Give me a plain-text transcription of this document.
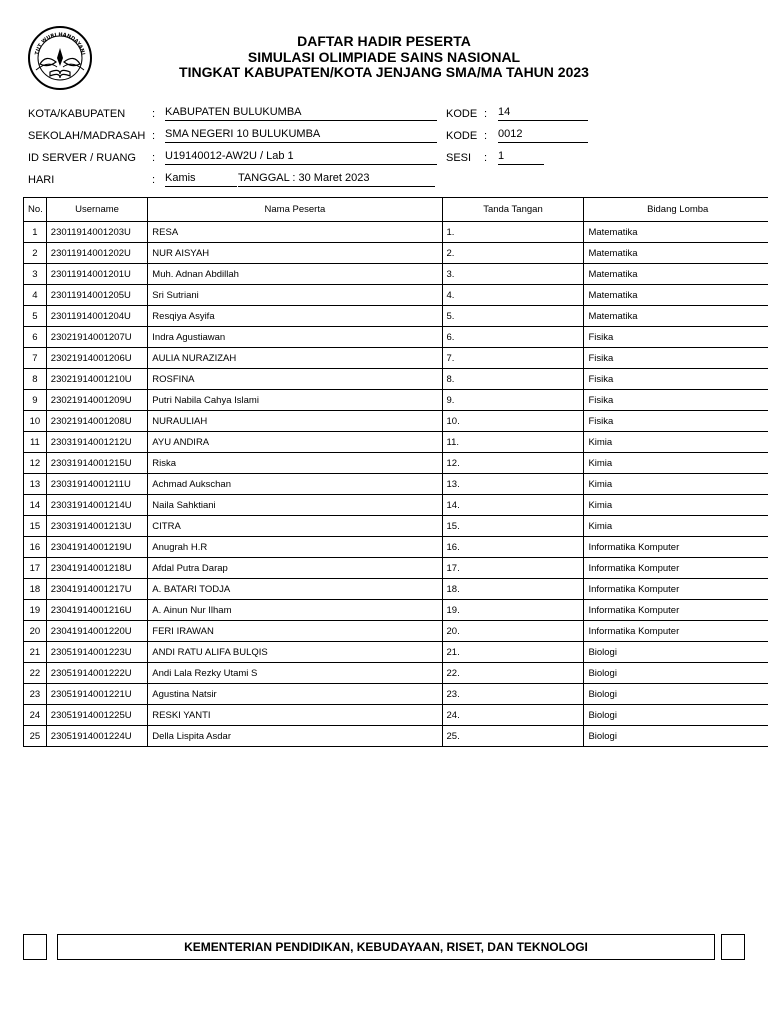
TUT WURI HANDAYANI
DAFTAR HADIR PESERTA
SIMULASI OLIMPIADE SAINS NASIONAL
TINGKAT KABUPATEN/KOTA JENJANG SMA/MA TAHUN 2023
KOTA/KABUPATEN : KABUPATEN BULUKUMBA	KODE : 14
SEKOLAH/MADRASAH : SMA NEGERI 10 BULUKUMBA	KODE : 0012
ID SERVER / RUANG : U19140012-AW2U / Lab 1	SESI : 1
HARI	: Kamis	TANGGAL : 30 Maret 2023
No.	Username	Nama Peserta	Tanda Tangan	Bidang Lomba
1	23011914001203U	RESA	1.	Matematika
2	23011914001202U	NUR AISYAH	2.	Matematika
3	23011914001201U	Muh. Adnan Abdillah	3.	Matematika
4	23011914001205U	Sri Sutriani	4.	Matematika
5	23011914001204U	Resqiya Asyifa	5.	Matematika
6	23021914001207U	Indra Agustiawan	6.	Fisika
7	23021914001206U	AULIA NURAZIZAH	7.	Fisika
8	23021914001210U	ROSFINA	8.	Fisika
9	23021914001209U	Putri Nabila Cahya Islami	9.	Fisika
10	23021914001208U	NURAULIAH	10.	Fisika
11	23031914001212U	AYU ANDIRA	11.	Kimia
12	23031914001215U	Riska	12.	Kimia
13	23031914001211U	Achmad Aukschan	13.	Kimia
14	23031914001214U	Naila Sahktiani	14.	Kimia
15	23031914001213U	CITRA	15.	Kimia
16	23041914001219U	Anugrah H.R	16.	Informatika Komputer
17	23041914001218U	Afdal Putra Darap	17.	Informatika Komputer
18	23041914001217U	A. BATARI TODJA	18.	Informatika Komputer
19	23041914001216U	A. Ainun Nur Ilham	19.	Informatika Komputer
20	23041914001220U	FERI IRAWAN	20.	Informatika Komputer
21	23051914001223U	ANDI RATU ALIFA BULQIS	21.	Biologi
22	23051914001222U	Andi Lala Rezky Utami S	22.	Biologi
23	23051914001221U	Agustina Natsir	23.	Biologi
24	23051914001225U	RESKI YANTI	24.	Biologi
25	23051914001224U	Della Lispita Asdar	25.	Biologi
KEMENTERIAN PENDIDIKAN, KEBUDAYAAN, RISET, DAN TEKNOLOGI
